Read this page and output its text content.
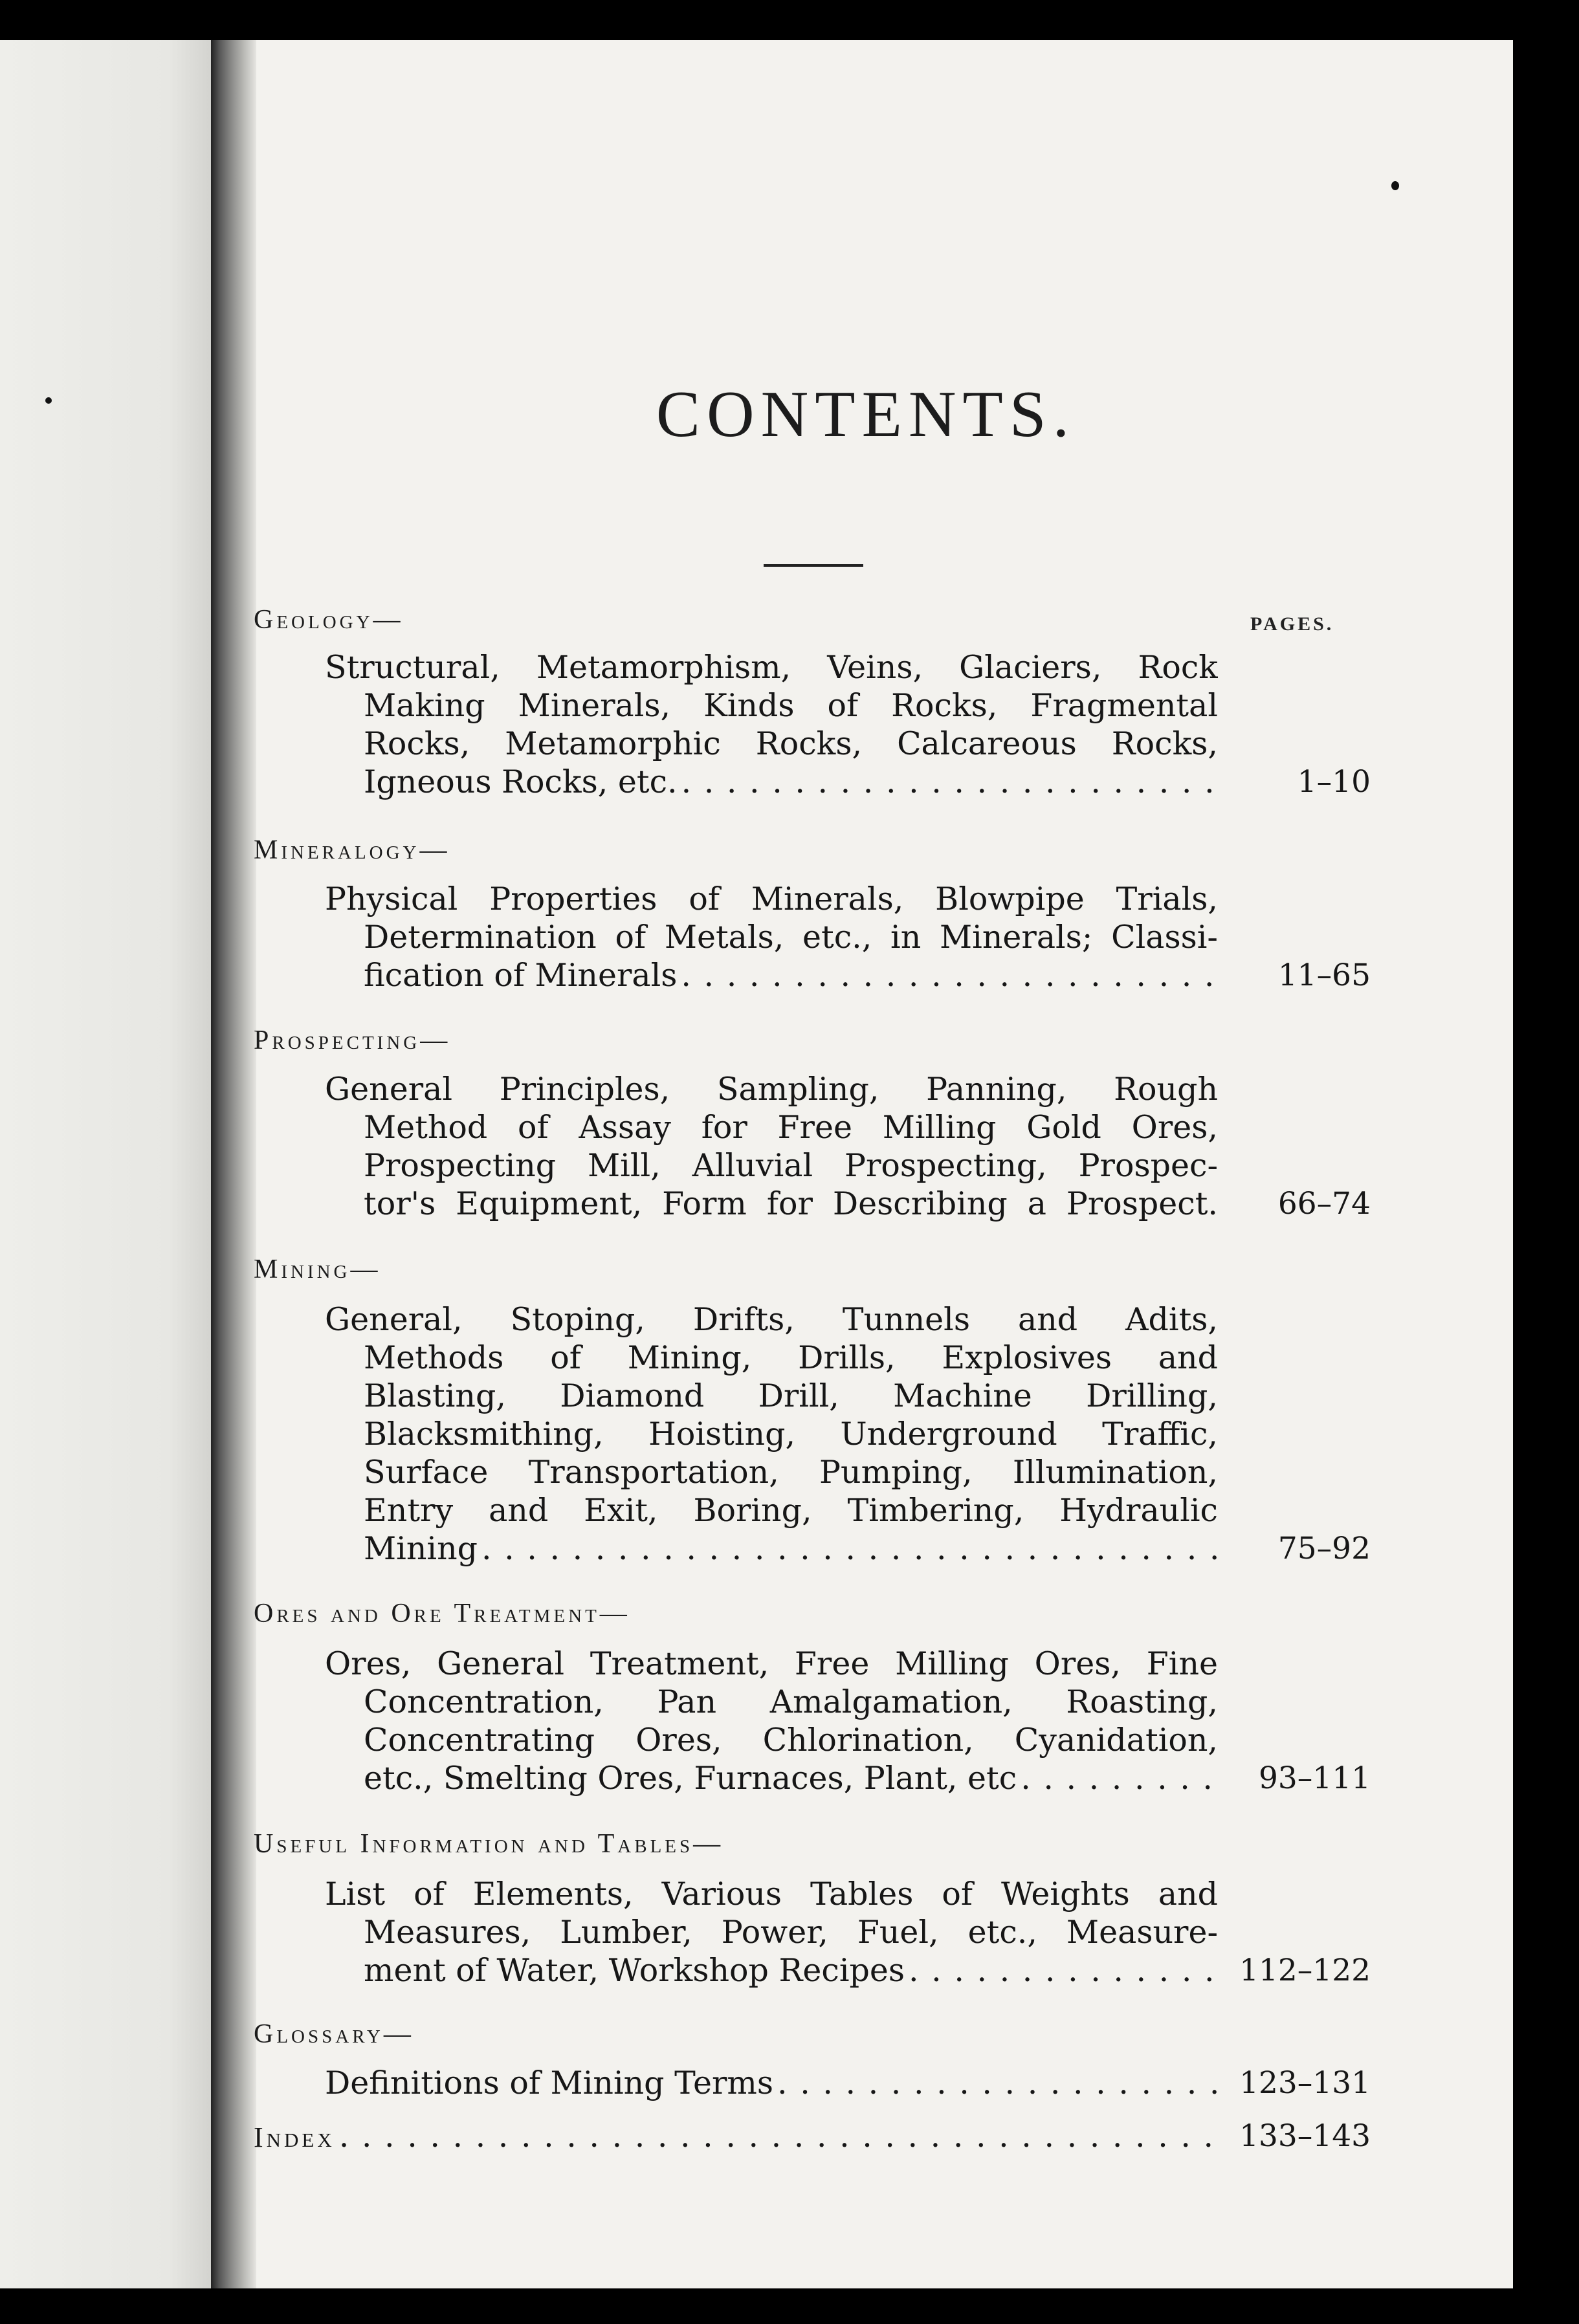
CONTENTS.
PAGES.
Geology—
Structural, Metamorphism, Veins, Glaciers, Rock
Making Minerals, Kinds of Rocks, Fragmental
Rocks, Metamorphic Rocks, Calcareous Rocks,
Igneous Rocks, etc. . . .	1–10
Mineralogy—
Physical Properties of Minerals, Blowpipe Trials,
Determination of Metals, etc., in Minerals; Classi-
fication of Minerals . . .	11–65
Prospecting—
General Principles, Sampling, Panning, Rough
Method of Assay for Free Milling Gold Ores,
Prospecting Mill, Alluvial Prospecting, Prospec-
tor's Equipment, Form for Describing a Prospect.	66–74
Mining—
General, Stoping, Drifts, Tunnels and Adits,
Methods of Mining, Drills, Explosives and
Blasting, Diamond Drill, Machine Drilling,
Blacksmithing, Hoisting, Underground Traffic,
Surface Transportation, Pumping, Illumination,
Entry and Exit, Boring, Timbering, Hydraulic
Mining . . .	75–92
Ores and Ore Treatment—
Ores, General Treatment, Free Milling Ores, Fine
Concentration, Pan Amalgamation, Roasting,
Concentrating Ores, Chlorination, Cyanidation,
etc., Smelting Ores, Furnaces, Plant, etc . . .	93–111
Useful Information and Tables—
List of Elements, Various Tables of Weights and
Measures, Lumber, Power, Fuel, etc., Measure-
ment of Water, Workshop Recipes . . .	112–122
Glossary—
Definitions of Mining Terms . . .	123–131
Index . . .	133–143
